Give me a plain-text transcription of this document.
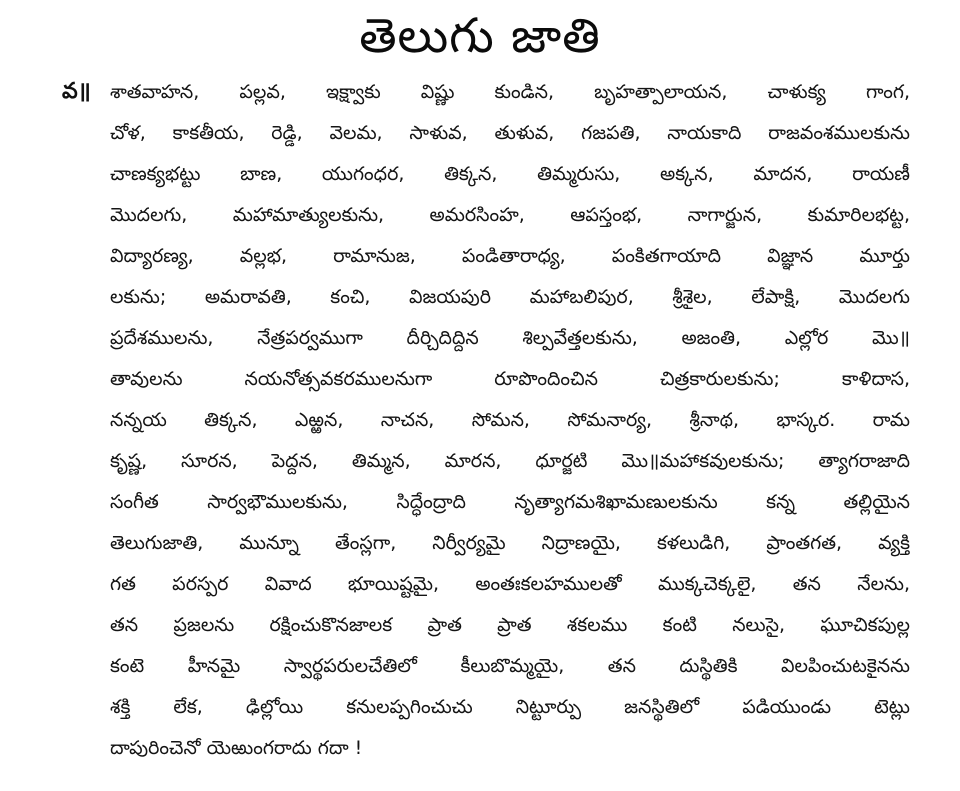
తెలుగు జాతి
వ॥ శాతవాహన, పల్లవ, ఇక్ష్వాకు విష్ణు కుండిన, బృహత్పాలాయన, చాళుక్య గాంగ,
చోళ, కాకతీయ, రెడ్డి, వెలమ, సాళువ, తుళువ, గజపతి, నాయకాది రాజవంశములకును
చాణక్యభట్టు బాణ, యుగంధర, తిక్కన, తిమ్మరుసు, అక్కన, మాదన, రాయణీ
మొదలగు, మహామాత్యులకును, అమరసింహ, ఆపస్తంభ, నాగార్జున, కుమారిలభట్ట,
విద్యారణ్య, వల్లభ, రామానుజ, పండితారాధ్య, పంకితగాయాది విజ్ఞాన మూర్తు
లకును; అమరావతి, కంచి, విజయపురి మహాబలిపుర, శ్రీశైల, లేపాక్షి, మొదలగు
ప్రదేశములను, నేత్రపర్వముగా దీర్చిదిద్దిన శిల్పవేత్తలకును, అజంతి, ఎల్లోర మొ॥
తావులను నయనోత్సవకరములనుగా రూపొందించిన చిత్రకారులకును; కాళిదాస,
నన్నయ తిక్కన, ఎఱ్ఱన, నాచన, సోమన, సోమనార్య, శ్రీనాథ, భాస్కర. రామ
కృష్ణ, సూరన, పెద్దన, తిమ్మన, మారన, ధూర్జటి మొ॥మహాకవులకును; త్యాగరాజాది
సంగీత సార్వభౌములకును, సిద్ధేంద్రాది నృత్యాగమశిఖామణులకును కన్న తల్లియైన
తెలుగుజాతి, మున్నూ తేంస్లగా, నిర్వీర్యమై నిద్రాణయై, కళలుడిగి, ప్రాంతగత, వ్యక్తి
గత పరస్పర వివాద భూయిష్టమై, అంతఃకలహములతో ముక్కచెక్కలై, తన నేలను,
తన ప్రజలను రక్షించుకొనజాలక ప్రాత ప్రాత శకలము కంటి నలుసై, ఘూచికపుల్ల
కంటె హీనమై స్వార్థపరులచేతిలో కీలుబొమ్మయై, తన దుస్థితికి విలపించుటకైనను
శక్తి లేక, ఢిల్లోయి కనులప్పగించుచు నిట్టూర్పు జనస్థితిలో పడియుండు టెట్లు
దాపురించెనో యెఱుంగరాదు గదా !
